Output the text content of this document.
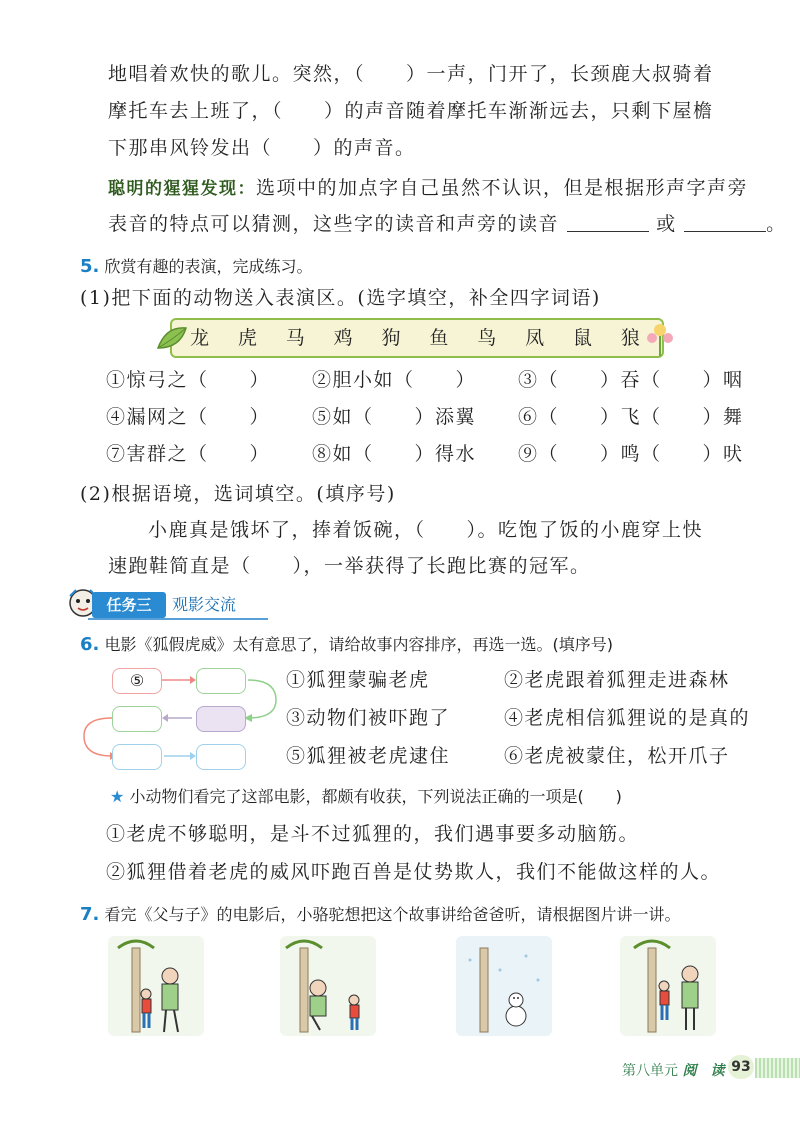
地唱着欢快的歌儿。突然，（　　）一声，门开了，长颈鹿大叔骑着
摩托车去上班了，（　　）的声音随着摩托车渐渐远去，只剩下屋檐
下那串风铃发出（　　）的声音。
聪明的猩猩发现：选项中的加点字自己虽然不认识，但是根据形声字声旁
表音的特点可以猜测，这些字的读音和声旁的读音	或	。
5. 欣赏有趣的表演，完成练习。
(1)把下面的动物送入表演区。(选字填空，补全四字词语)
龙 虎 马 鸡 狗 鱼 鸟 凤 鼠 狼
①惊弓之（　　） ②胆小如（　　） ③（　　）吞（　　）咽
④漏网之（　　） ⑤如（　　）添翼 ⑥（　　）飞（　　）舞
⑦害群之（　　） ⑧如（　　）得水 ⑨（　　）鸣（　　）吠
(2)根据语境，选词填空。(填序号)
小鹿真是饿坏了，捧着饭碗，（　　）。吃饱了饭的小鹿穿上快
速跑鞋简直是（　　），一举获得了长跑比赛的冠军。
任务三	观影交流
6. 电影《狐假虎威》太有意思了，请给故事内容排序，再选一选。(填序号)
⑤	①狐狸蒙骗老虎	②老虎跟着狐狸走进森林
③动物们被吓跑了	④老虎相信狐狸说的是真的
⑤狐狸被老虎逮住	⑥老虎被蒙住，松开爪子
★ 小动物们看完了这部电影，都颇有收获，下列说法正确的一项是(　　)
①老虎不够聪明，是斗不过狐狸的，我们遇事要多动脑筋。
②狐狸借着老虎的威风吓跑百兽是仗势欺人，我们不能做这样的人。
7. 看完《父与子》的电影后，小骆驼想把这个故事讲给爸爸听，请根据图片讲一讲。
第八单元 阅　读 93
